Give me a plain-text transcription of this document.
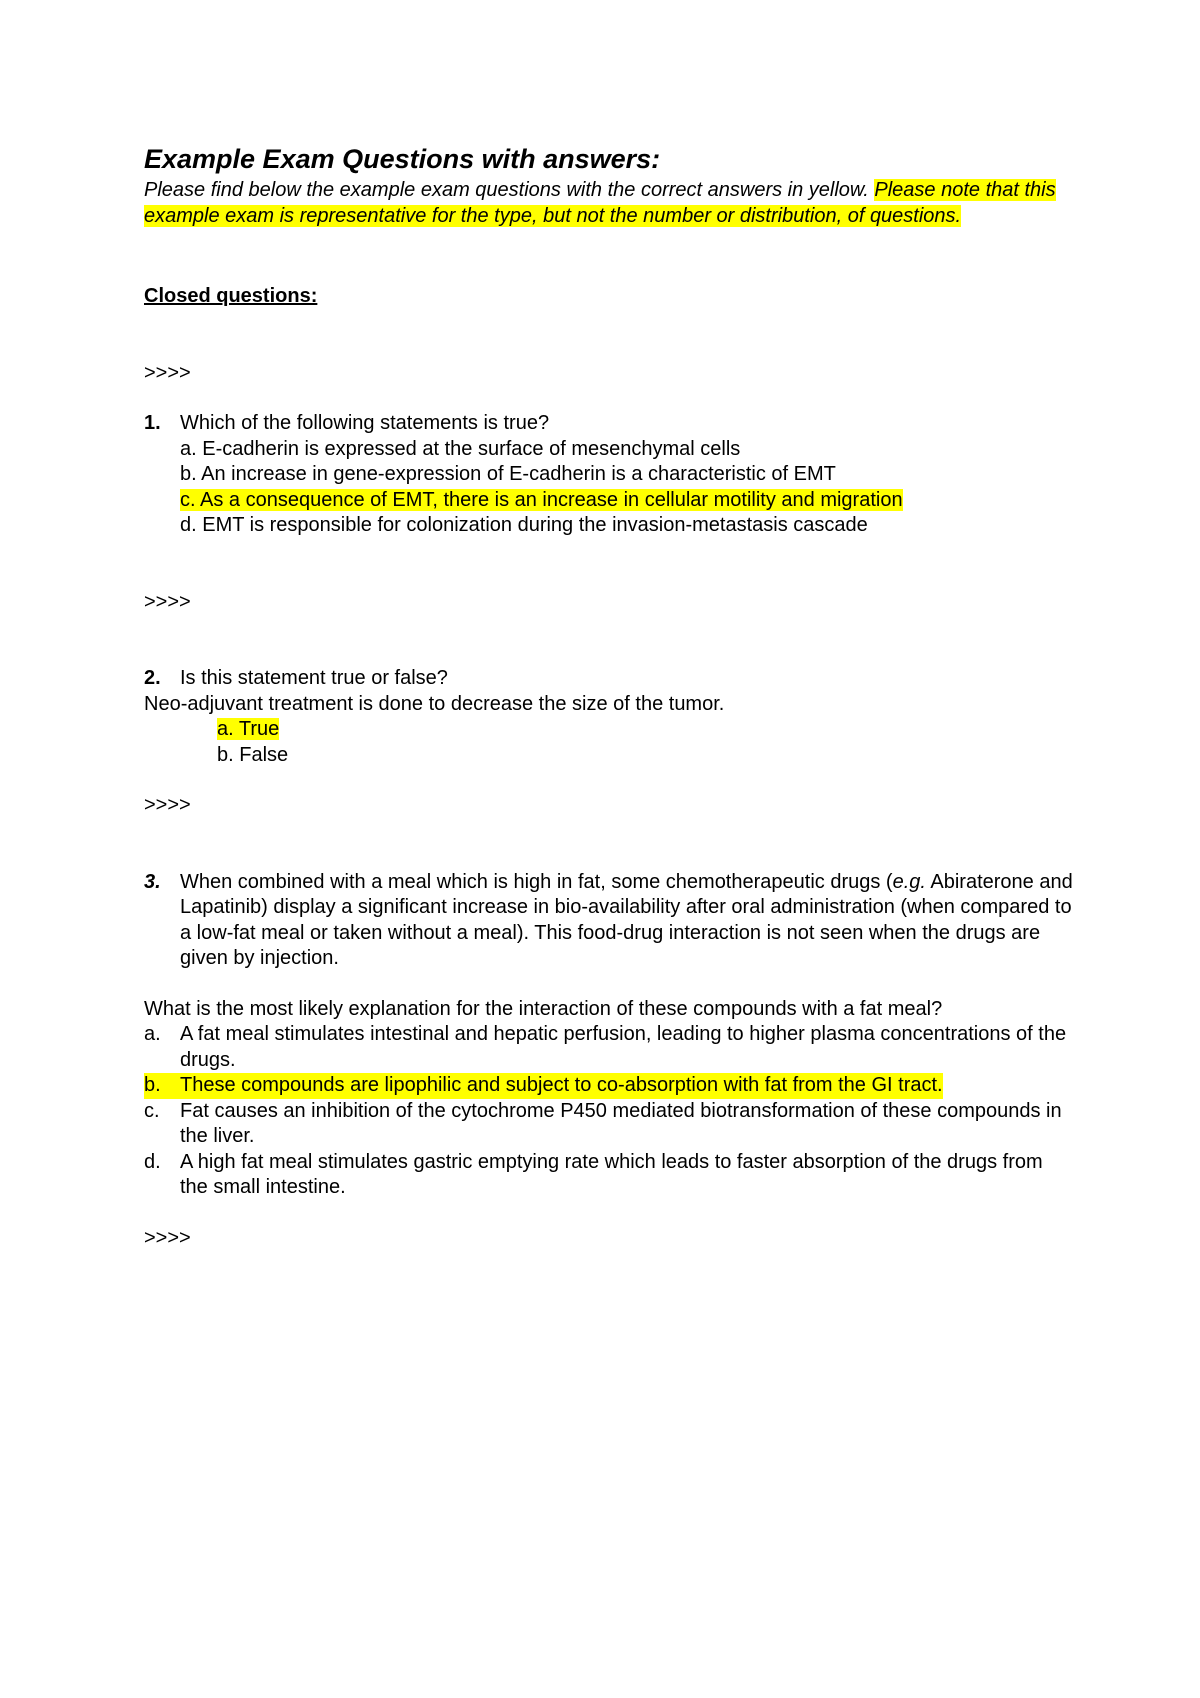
Example Exam Questions with answers:

Please find below the example exam questions with the correct answers in yellow. Please note that this example exam is representative for the type, but not the number or distribution, of questions.

Closed questions:

>>>>

1. Which of the following statements is true?

a. E-cadherin is expressed at the surface of mesenchymal cells

b. An increase in gene-expression of E-cadherin is a characteristic of EMT

c. As a consequence of EMT, there is an increase in cellular motility and migration

d. EMT is responsible for colonization during the invasion-metastasis cascade

>>>>

2. Is this statement true or false?

Neo-adjuvant treatment is done to decrease the size of the tumor.

a. True

b. False

>>>>

3. When combined with a meal which is high in fat, some chemotherapeutic drugs (e.g. Abiraterone and Lapatinib) display a significant increase in bio-availability after oral administration (when compared to a low-fat meal or taken without a meal). This food-drug interaction is not seen when the drugs are given by injection.

What is the most likely explanation for the interaction of these compounds with a fat meal?

a. A fat meal stimulates intestinal and hepatic perfusion, leading to higher plasma concentrations of the drugs.
b. These compounds are lipophilic and subject to co-absorption with fat from the GI tract.
c.	Fat causes an inhibition of the cytochrome P450 mediated biotransformation of these compounds in the liver.
d. A high fat meal stimulates gastric emptying rate which leads to faster absorption of the drugs from the small intestine.

>>>>
